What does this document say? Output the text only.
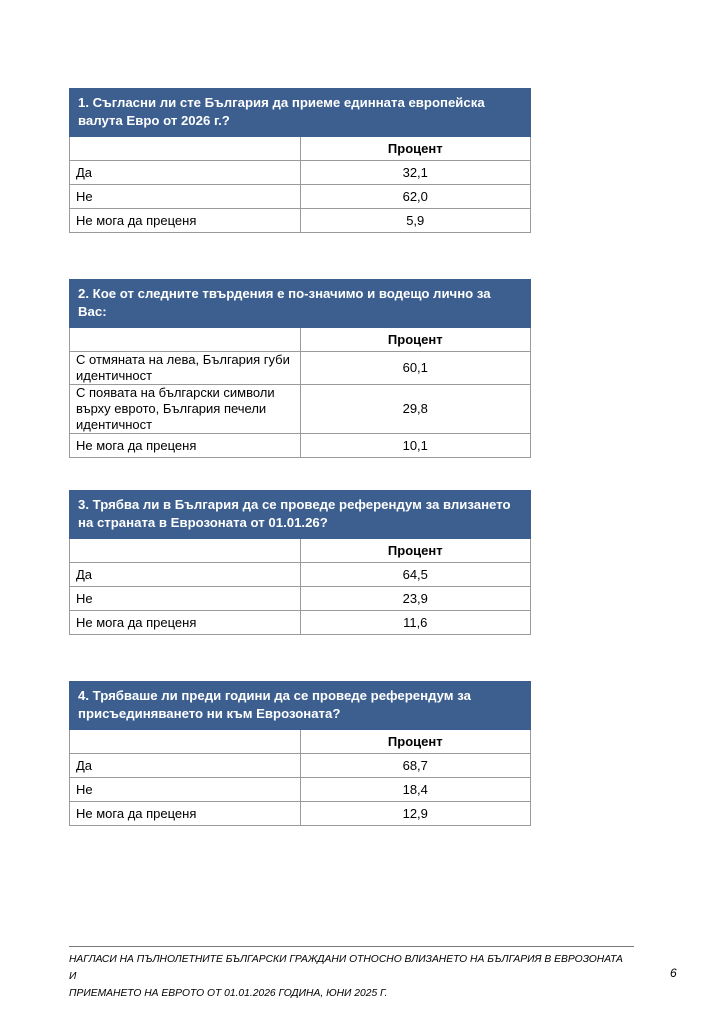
1. Съгласни ли сте България да приеме единната европейска валута Евро от 2026 г.?	
	Процент
Да	32,1
Не	62,0
Не мога да преценя	5,9
2. Кое от следните твърдения е по-значимо и водещо лично за Вас:	
	Процент
С отмяната на лева, България губи идентичност	60,1
С появата на български символи върху еврото, България печели идентичност	29,8
Не мога да преценя	10,1
3. Трябва ли в България да се проведе референдум за влизането на страната в Еврозоната от 01.01.26?	
	Процент
Да	64,5
Не	23,9
Не мога да преценя	11,6
4. Трябваше ли преди години да се проведе референдум за присъединяването ни към Еврозоната?	
	Процент
Да	68,7
Не	18,4
Не мога да преценя	12,9
НАГЛАСИ НА ПЪЛНОЛЕТНИТЕ БЪЛГАРСКИ ГРАЖДАНИ ОТНОСНО ВЛИЗАНЕТО НА БЪЛГАРИЯ В ЕВРОЗОНАТА И
ПРИЕМАНЕТО НА ЕВРОТО ОТ 01.01.2026 ГОДИНА, ЮНИ 2025 Г.
6
